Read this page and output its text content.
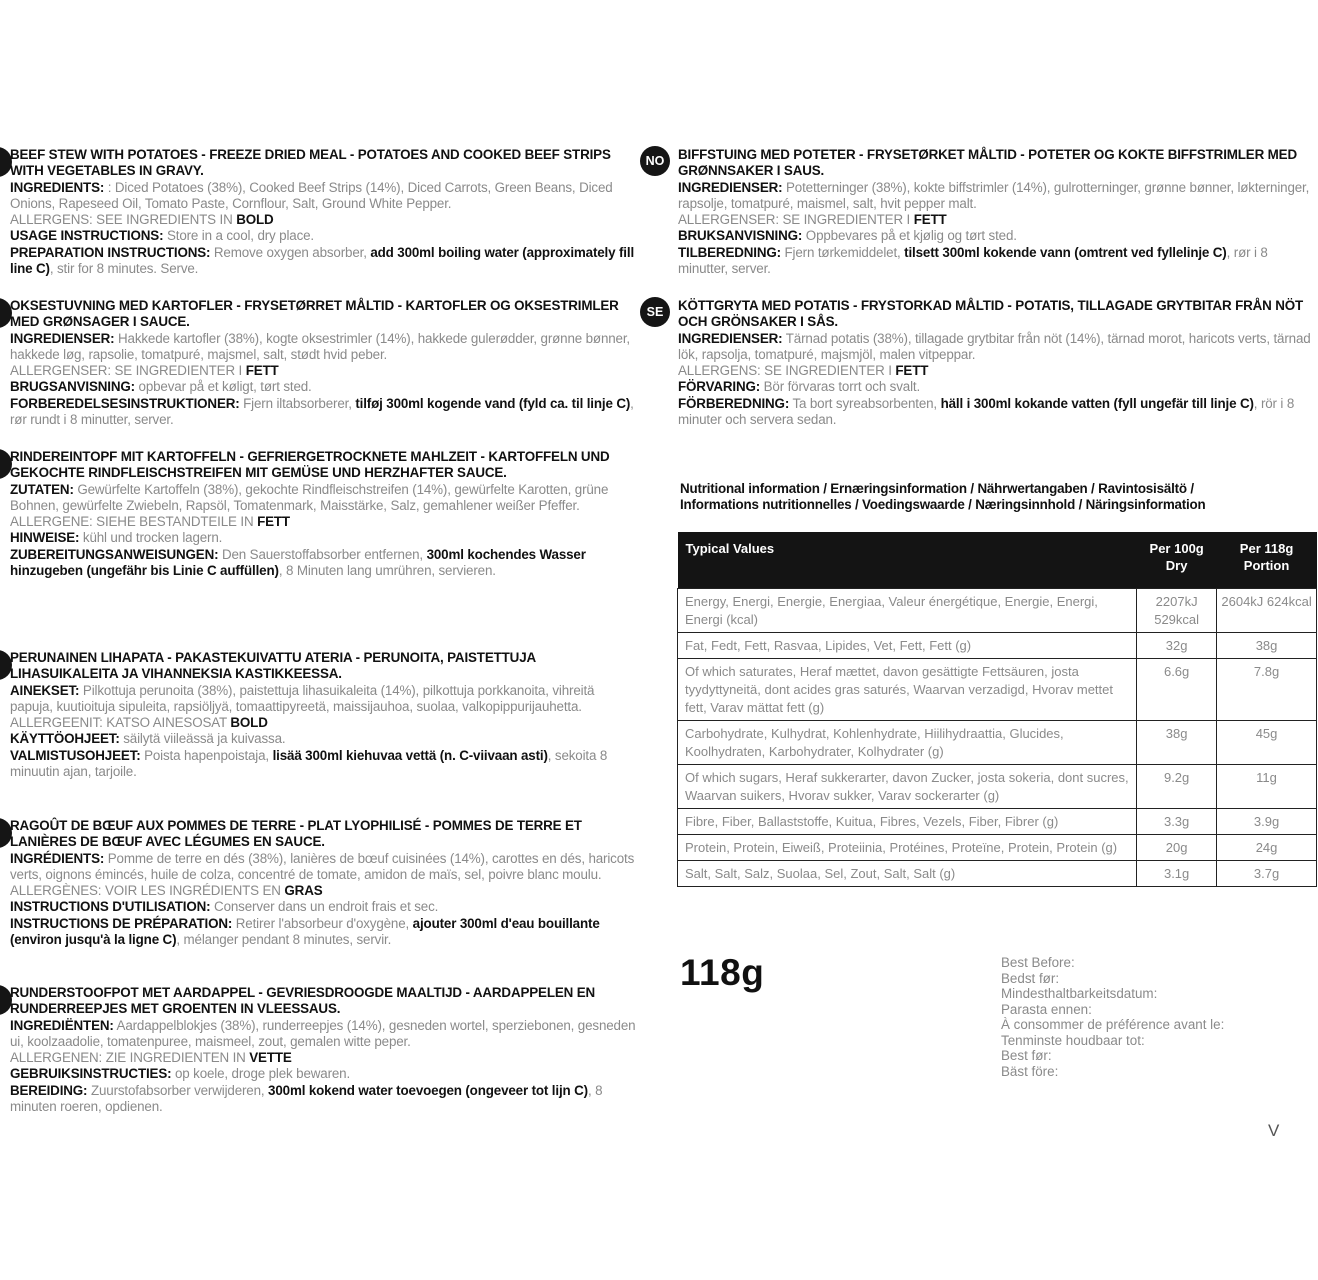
BEEF STEW WITH POTATOES - FREEZE DRIED MEAL - POTATOES AND COOKED BEEF STRIPS WITH VEGETABLES IN GRAVY.

INGREDIENTS: : Diced Potatoes (38%), Cooked Beef Strips (14%), Diced Carrots, Green Beans, Diced Onions, Rapeseed Oil, Tomato Paste, Cornflour, Salt, Ground White Pepper.

ALLERGENS: SEE INGREDIENTS IN BOLD

USAGE INSTRUCTIONS: Store in a cool, dry place.

PREPARATION INSTRUCTIONS: Remove oxygen absorber, add 300ml boiling water (approximately fill line C), stir for 8 minutes. Serve.

OKSESTUVNING MED KARTOFLER - FRYSETØRRET MÅLTID - KARTOFLER OG OKSESTRIMLER MED GRØNSAGER I SAUCE.

INGREDIENSER: Hakkede kartofler (38%), kogte oksestrimler (14%), hakkede gulerødder, grønne bønner, hakkede løg, rapsolie, tomatpuré, majsmel, salt, stødt hvid peber.

ALLERGENSER: SE INGREDIENTER I FETT

BRUGSANVISNING: opbevar på et køligt, tørt sted.

FORBEREDELSESINSTRUKTIONER: Fjern iltabsorberer, tilføj 300ml kogende vand (fyld ca. til linje C), rør rundt i 8 minutter, server.

RINDEREINTOPF MIT KARTOFFELN - GEFRIERGETROCKNETE MAHLZEIT - KARTOFFELN UND GEKOCHTE RINDFLEISCHSTREIFEN MIT GEMÜSE UND HERZHAFTER SAUCE.

ZUTATEN: Gewürfelte Kartoffeln (38%), gekochte Rindfleischstreifen (14%), gewürfelte Karotten, grüne Bohnen, gewürfelte Zwiebeln, Rapsöl, Tomatenmark, Maisstärke, Salz, gemahlener weißer Pfeffer.

ALLERGENE: SIEHE BESTANDTEILE IN FETT

HINWEISE: kühl und trocken lagern.

ZUBEREITUNGSANWEISUNGEN: Den Sauerstoffabsorber entfernen, 300ml kochendes Wasser hinzugeben (ungefähr bis Linie C auffüllen), 8 Minuten lang umrühren, servieren.

PERUNAINEN LIHAPATA - PAKASTEKUIVATTU ATERIA - PERUNOITA, PAISTETTUJA LIHASUIKALEITA JA VIHANNEKSIA KASTIKKEESSA.

AINEKSET: Pilkottuja perunoita (38%), paistettuja lihasuikaleita (14%), pilkottuja porkkanoita, vihreitä papuja, kuutioituja sipuleita, rapsiöljyä, tomaattipyreetä, maissijauhoa, suolaa, valkopippurijauhetta.

ALLERGEENIT: KATSO AINESOSAT BOLD

KÄYTTÖOHJEET: säilytä viileässä ja kuivassa.

VALMISTUSOHJEET: Poista hapenpoistaja, lisää 300ml kiehuvaa vettä (n. C-viivaan asti), sekoita 8 minuutin ajan, tarjoile.

RAGOÛT DE BŒUF AUX POMMES DE TERRE - PLAT LYOPHILISÉ - POMMES DE TERRE ET LANIÈRES DE BŒUF AVEC LÉGUMES EN SAUCE.

INGRÉDIENTS: Pomme de terre en dés (38%), lanières de bœuf cuisinées (14%), carottes en dés, haricots verts, oignons émincés, huile de colza, concentré de tomate, amidon de maïs, sel, poivre blanc moulu.

ALLERGÈNES: VOIR LES INGRÉDIENTS EN GRAS

INSTRUCTIONS D'UTILISATION: Conserver dans un endroit frais et sec.

INSTRUCTIONS DE PRÉPARATION: Retirer l'absorbeur d'oxygène, ajouter 300ml d'eau bouillante (environ jusqu'à la ligne C), mélanger pendant 8 minutes, servir.

RUNDERSTOOFPOT MET AARDAPPEL - GEVRIESDROOGDE MAALTIJD - AARDAPPELEN EN RUNDERREEPJES MET GROENTEN IN VLEESSAUS.

INGREDIËNTEN: Aardappelblokjes (38%), runderreepjes (14%), gesneden wortel, sperziebonen, gesneden ui, koolzaadolie, tomatenpuree, maismeel, zout, gemalen witte peper.

ALLERGENEN: ZIE INGREDIENTEN IN VETTE

GEBRUIKSINSTRUCTIES: op koele, droge plek bewaren.

BEREIDING: Zuurstofabsorber verwijderen, 300ml kokend water toevoegen (ongeveer tot lijn C), 8 minuten roeren, opdienen.

NO	BIFFSTUING MED POTETER - FRYSETØRKET MÅLTID - POTETER OG KOKTE BIFFSTRIMLER MED GRØNNSAKER I SAUS.

INGREDIENSER: Potetterninger (38%), kokte biffstrimler (14%), gulrotterninger, grønne bønner, løkterninger, rapsolje, tomatpuré, maismel, salt, hvit pepper malt.

ALLERGENSER: SE INGREDIENTER I FETT

BRUKSANVISNING: Oppbevares på et kjølig og tørt sted.

TILBEREDNING: Fjern tørkemiddelet, tilsett 300ml kokende vann (omtrent ved fyllelinje C), rør i 8 minutter, server.

SE	KÖTTGRYTA MED POTATIS - FRYSTORKAD MÅLTID - POTATIS, TILLAGADE GRYTBITAR FRÅN NÖT OCH GRÖNSAKER I SÅS.

INGREDIENSER: Tärnad potatis (38%), tillagade grytbitar från nöt (14%), tärnad morot, haricots verts, tärnad lök, rapsolja, tomatpuré, majsmjöl, malen vitpeppar.

ALLERGENS: SE INGREDIENTER I FETT

FÖRVARING: Bör förvaras torrt och svalt.

FÖRBEREDNING: Ta bort syreabsorbenten, häll i 300ml kokande vatten (fyll ungefär till linje C), rör i 8 minuter och servera sedan.

Nutritional information / Ernæringsinformation / Nährwertangaben / Ravintosisältö /
Informations nutritionnelles / Voedingswaarde / Næringsinnhold / Näringsinformation
Typical Values	Per 100g Dry	Per 118g Portion
Energy, Energi, Energie, Energiaa, Valeur énergétique, Energie, Energi, Energi (kcal)	2207kJ 529kcal	2604kJ 624kcal
Fat, Fedt, Fett, Rasvaa, Lipides, Vet, Fett, Fett (g)	32g	38g
Of which saturates, Heraf mættet, davon gesättigte Fettsäuren, josta tyydyttyneitä, dont acides gras saturés, Waarvan verzadigd, Hvorav mettet fett, Varav mättat fett (g)	6.6g	7.8g
Carbohydrate, Kulhydrat, Kohlenhydrate, Hiilihydraattia, Glucides, Koolhydraten, Karbohydrater, Kolhydrater (g)	38g	45g
Of which sugars, Heraf sukkerarter, davon Zucker, josta sokeria, dont sucres, Waarvan suikers, Hvorav sukker, Varav sockerarter (g)	9.2g	11g
Fibre, Fiber, Ballaststoffe, Kuitua, Fibres, Vezels, Fiber, Fibrer (g)	3.3g	3.9g
Protein, Protein, Eiweiß, Proteiinia, Protéines, Proteïne, Protein, Protein (g)	20g	24g
Salt, Salt, Salz, Suolaa, Sel, Zout, Salt, Salt (g)	3.1g	3.7g
118g	Best Before:
Bedst før:
Mindesthaltbarkeitsdatum:
Parasta ennen:
À consommer de préférence avant le:
Tenminste houdbaar tot:
Best før:
Bäst före:
V
